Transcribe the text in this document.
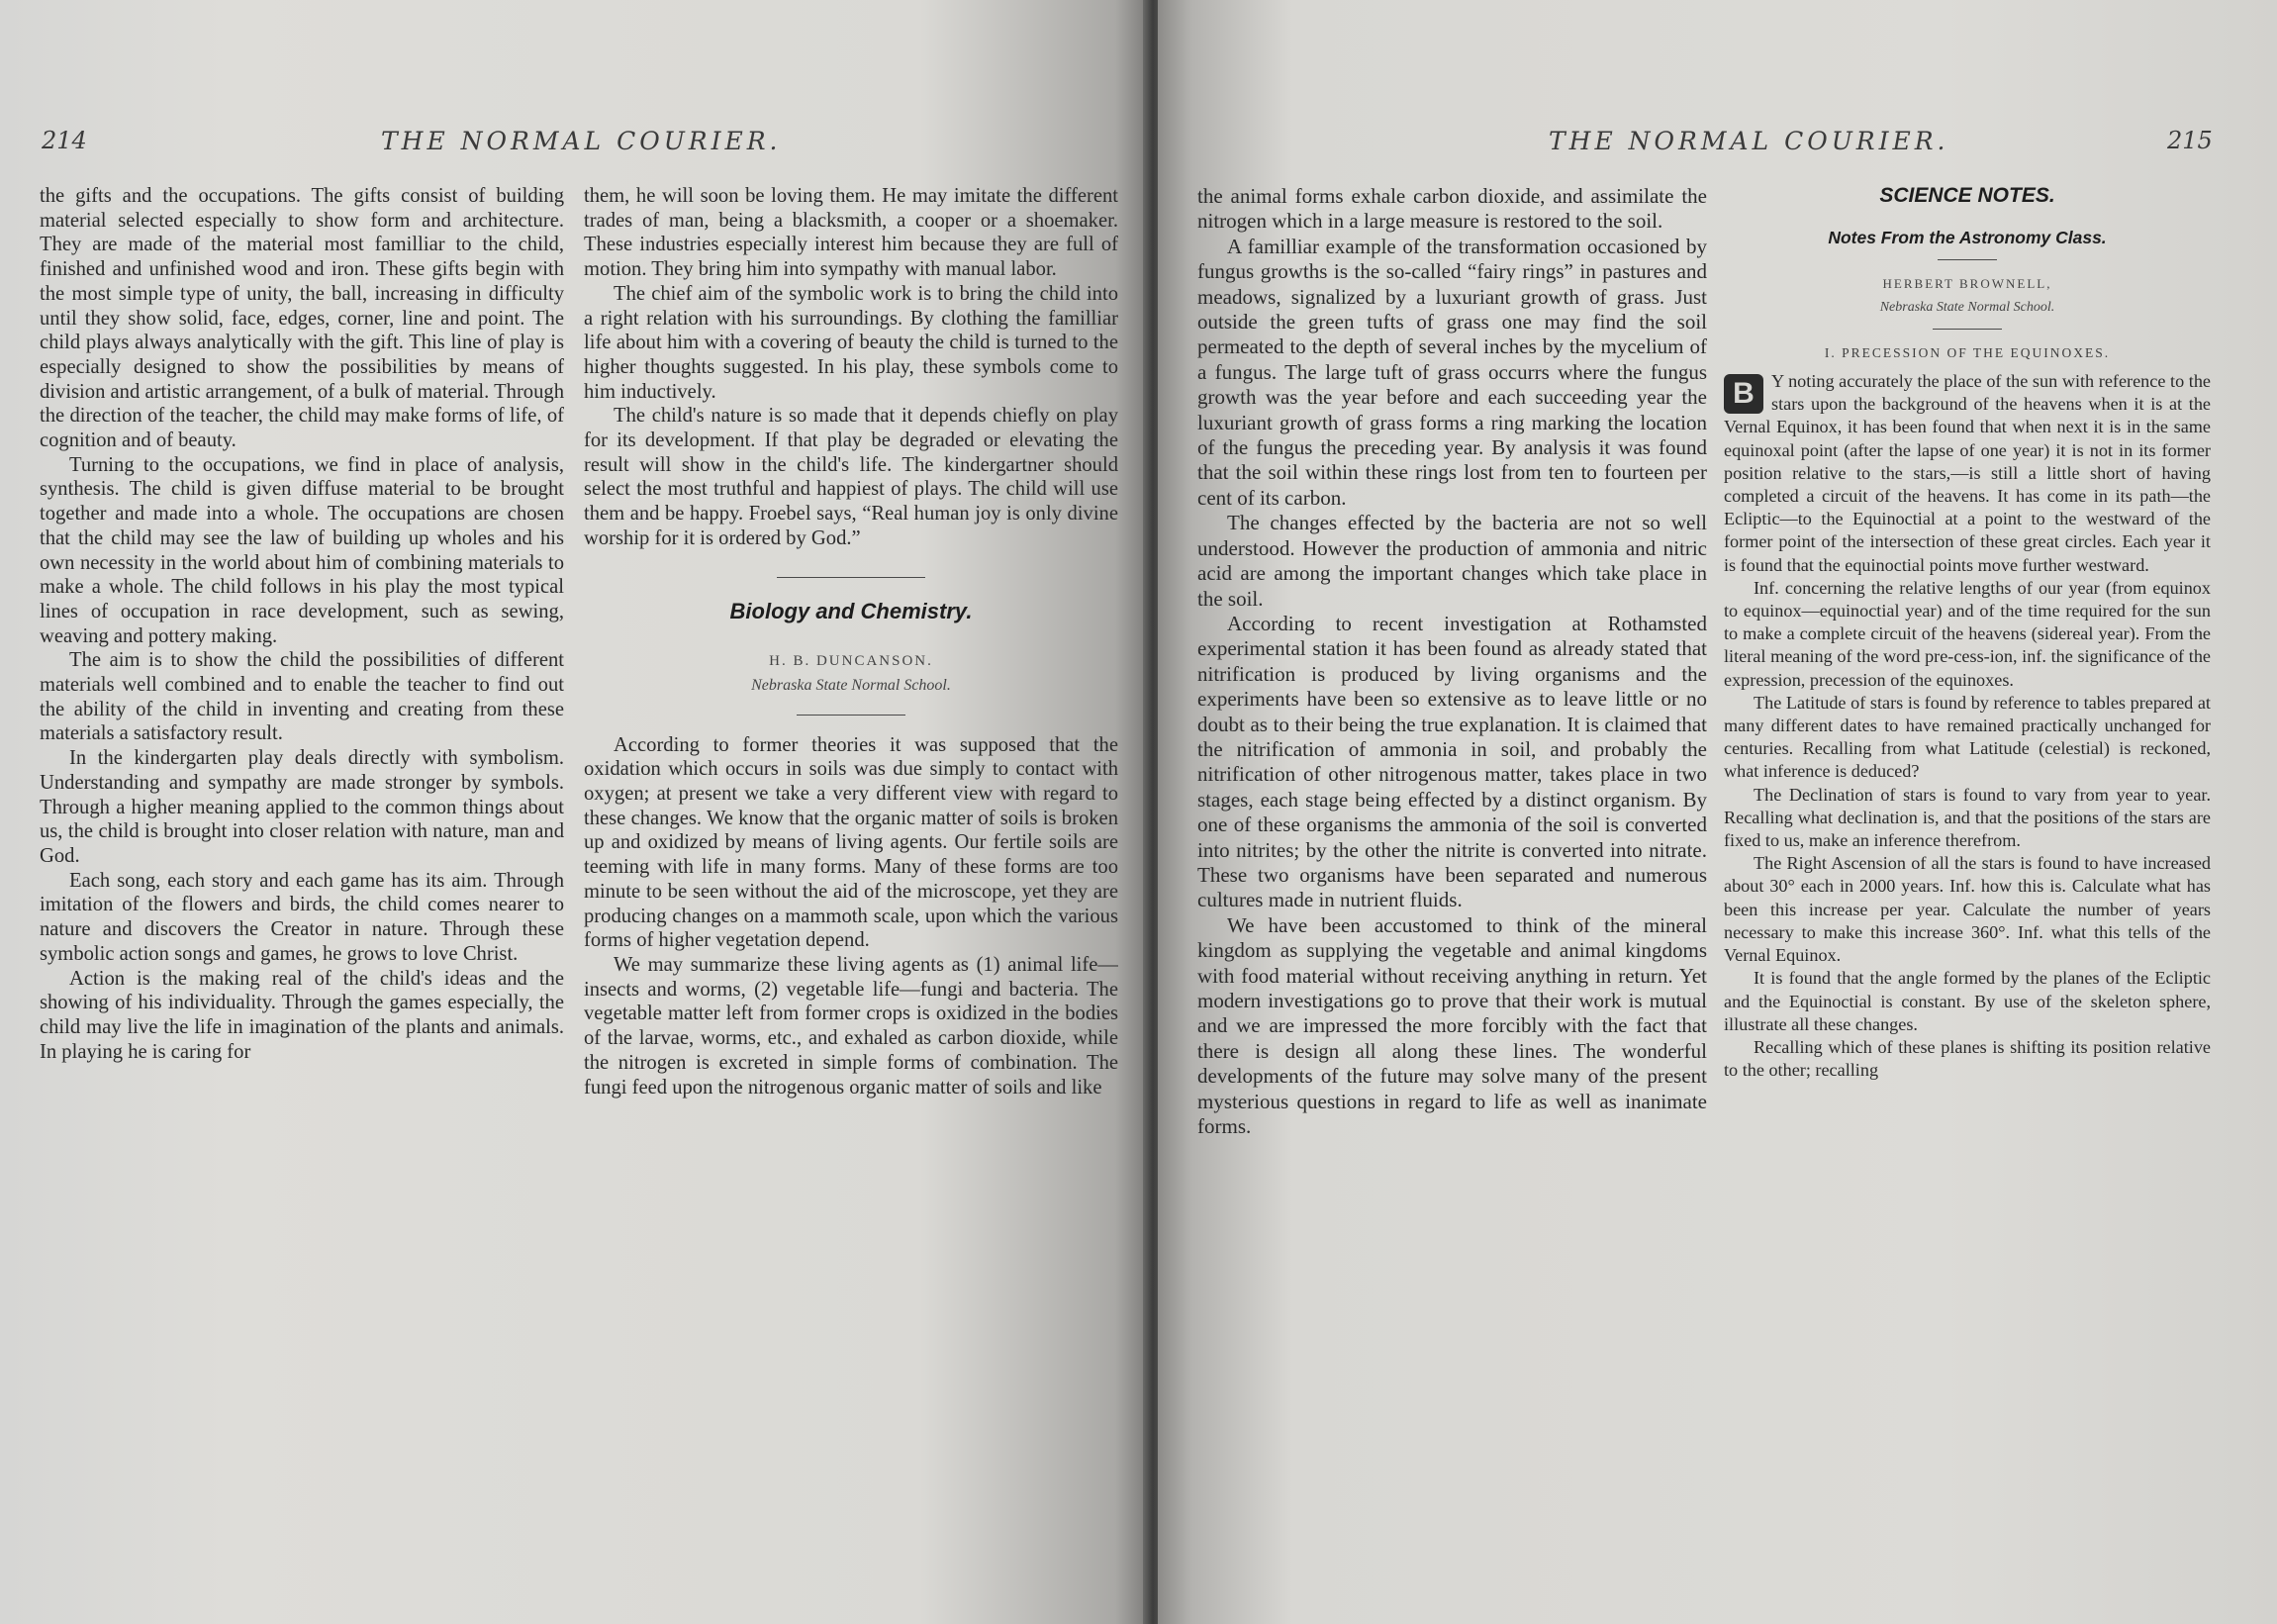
214	THE NORMAL COURIER.

the gifts and the occupations. The gifts consist of building material selected especially to show form and architecture. They are made of the material most familliar to the child, finished and unfinished wood and iron. These gifts begin with the most simple type of unity, the ball, increasing in difficulty until they show solid, face, edges, corner, line and point. The child plays always analytically with the gift. This line of play is especially designed to show the possibilities by means of division and artistic arrangement, of a bulk of material. Through the direction of the teacher, the child may make forms of life, of cognition and of beauty.

Turning to the occupations, we find in place of analysis, synthesis. The child is given diffuse material to be brought together and made into a whole. The occupations are chosen that the child may see the law of building up wholes and his own necessity in the world about him of combining materials to make a whole. The child follows in his play the most typical lines of occupation in race development, such as sewing, weaving and pottery making.

The aim is to show the child the possibilities of different materials well combined and to enable the teacher to find out the ability of the child in inventing and creating from these materials a satisfactory result.

In the kindergarten play deals directly with symbolism. Understanding and sympathy are made stronger by symbols. Through a higher meaning applied to the common things about us, the child is brought into closer relation with nature, man and God.

Each song, each story and each game has its aim. Through imitation of the flowers and birds, the child comes nearer to nature and discovers the Creator in nature. Through these symbolic action songs and games, he grows to love Christ.

Action is the making real of the child's ideas and the showing of his individuality. Through the games especially, the child may live the life in imagination of the plants and animals. In playing he is caring for

them, he will soon be loving them. He may imitate the different trades of man, being a blacksmith, a cooper or a shoemaker. These industries especially interest him because they are full of motion. They bring him into sympathy with manual labor.

The chief aim of the symbolic work is to bring the child into a right relation with his surroundings. By clothing the familliar life about him with a covering of beauty the child is turned to the higher thoughts suggested. In his play, these symbols come to him inductively.

The child's nature is so made that it depends chiefly on play for its development. If that play be degraded or elevating the result will show in the child's life. The kindergartner should select the most truthful and happiest of plays. The child will use them and be happy. Froebel says, “Real human joy is only divine worship for it is ordered by God.”

Biology and Chemistry.

H. B. DUNCANSON.

Nebraska State Normal School.

According to former theories it was supposed that the oxidation which occurs in soils was due simply to contact with oxygen; at present we take a very different view with regard to these changes. We know that the organic matter of soils is broken up and oxidized by means of living agents. Our fertile soils are teeming with life in many forms. Many of these forms are too minute to be seen without the aid of the microscope, yet they are producing changes on a mammoth scale, upon which the various forms of higher vegetation depend.

We may summarize these living agents as (1) animal life—insects and worms, (2) vegetable life—fungi and bacteria. The vegetable matter left from former crops is oxidized in the bodies of the larvae, worms, etc., and exhaled as carbon dioxide, while the nitrogen is excreted in simple forms of combination. The fungi feed upon the nitrogenous organic matter of soils and like

THE NORMAL COURIER.	215

the animal forms exhale carbon dioxide, and assimilate the nitrogen which in a large measure is restored to the soil.

A familliar example of the transformation occasioned by fungus growths is the so-called “fairy rings” in pastures and meadows, signalized by a luxuriant growth of grass. Just outside the green tufts of grass one may find the soil permeated to the depth of several inches by the mycelium of a fungus. The large tuft of grass occurrs where the fungus growth was the year before and each succeeding year the luxuriant growth of grass forms a ring marking the location of the fungus the preceding year. By analysis it was found that the soil within these rings lost from ten to fourteen per cent of its carbon.

The changes effected by the bacteria are not so well understood. However the production of ammonia and nitric acid are among the important changes which take place in the soil.

According to recent investigation at Rothamsted experimental station it has been found as already stated that nitrification is produced by living organisms and the experiments have been so extensive as to leave little or no doubt as to their being the true explanation. It is claimed that the nitrification of ammonia in soil, and probably the nitrification of other nitrogenous matter, takes place in two stages, each stage being effected by a distinct organism. By one of these organisms the ammonia of the soil is converted into nitrites; by the other the nitrite is converted into nitrate. These two organisms have been separated and numerous cultures made in nutrient fluids.

We have been accustomed to think of the mineral kingdom as supplying the vegetable and animal kingdoms with food material without receiving anything in return. Yet modern investigations go to prove that their work is mutual and we are impressed the more forcibly with the fact that there is design all along these lines. The wonderful developments of the future may solve many of the present mysterious questions in regard to life as well as inanimate forms.

SCIENCE NOTES.

Notes From the Astronomy Class.

HERBERT BROWNELL,

Nebraska State Normal School.

I. PRECESSION OF THE EQUINOXES.

B Y noting accurately the place of the sun with reference to the stars upon the background of the heavens when it is at the Vernal Equinox, it has been found that when next it is in the same equinoxal point (after the lapse of one year) it is not in its former position relative to the stars,—is still a little short of having completed a circuit of the heavens. It has come in its path—the Ecliptic—to the Equinoctial at a point to the westward of the former point of the intersection of these great circles. Each year it is found that the equinoctial points move further westward.

Inf. concerning the relative lengths of our year (from equinox to equinox—equinoctial year) and of the time required for the sun to make a complete circuit of the heavens (sidereal year). From the literal meaning of the word pre-cess-ion, inf. the significance of the expression, precession of the equinoxes.

The Latitude of stars is found by reference to tables prepared at many different dates to have remained practically unchanged for centuries. Recalling from what Latitude (celestial) is reckoned, what inference is deduced?

The Declination of stars is found to vary from year to year. Recalling what declination is, and that the positions of the stars are fixed to us, make an inference therefrom.

The Right Ascension of all the stars is found to have increased about 30° each in 2000 years. Inf. how this is. Calculate what has been this increase per year. Calculate the number of years necessary to make this increase 360°. Inf. what this tells of the Vernal Equinox.

It is found that the angle formed by the planes of the Ecliptic and the Equinoctial is constant. By use of the skeleton sphere, illustrate all these changes.

Recalling which of these planes is shifting its position relative to the other; recalling
